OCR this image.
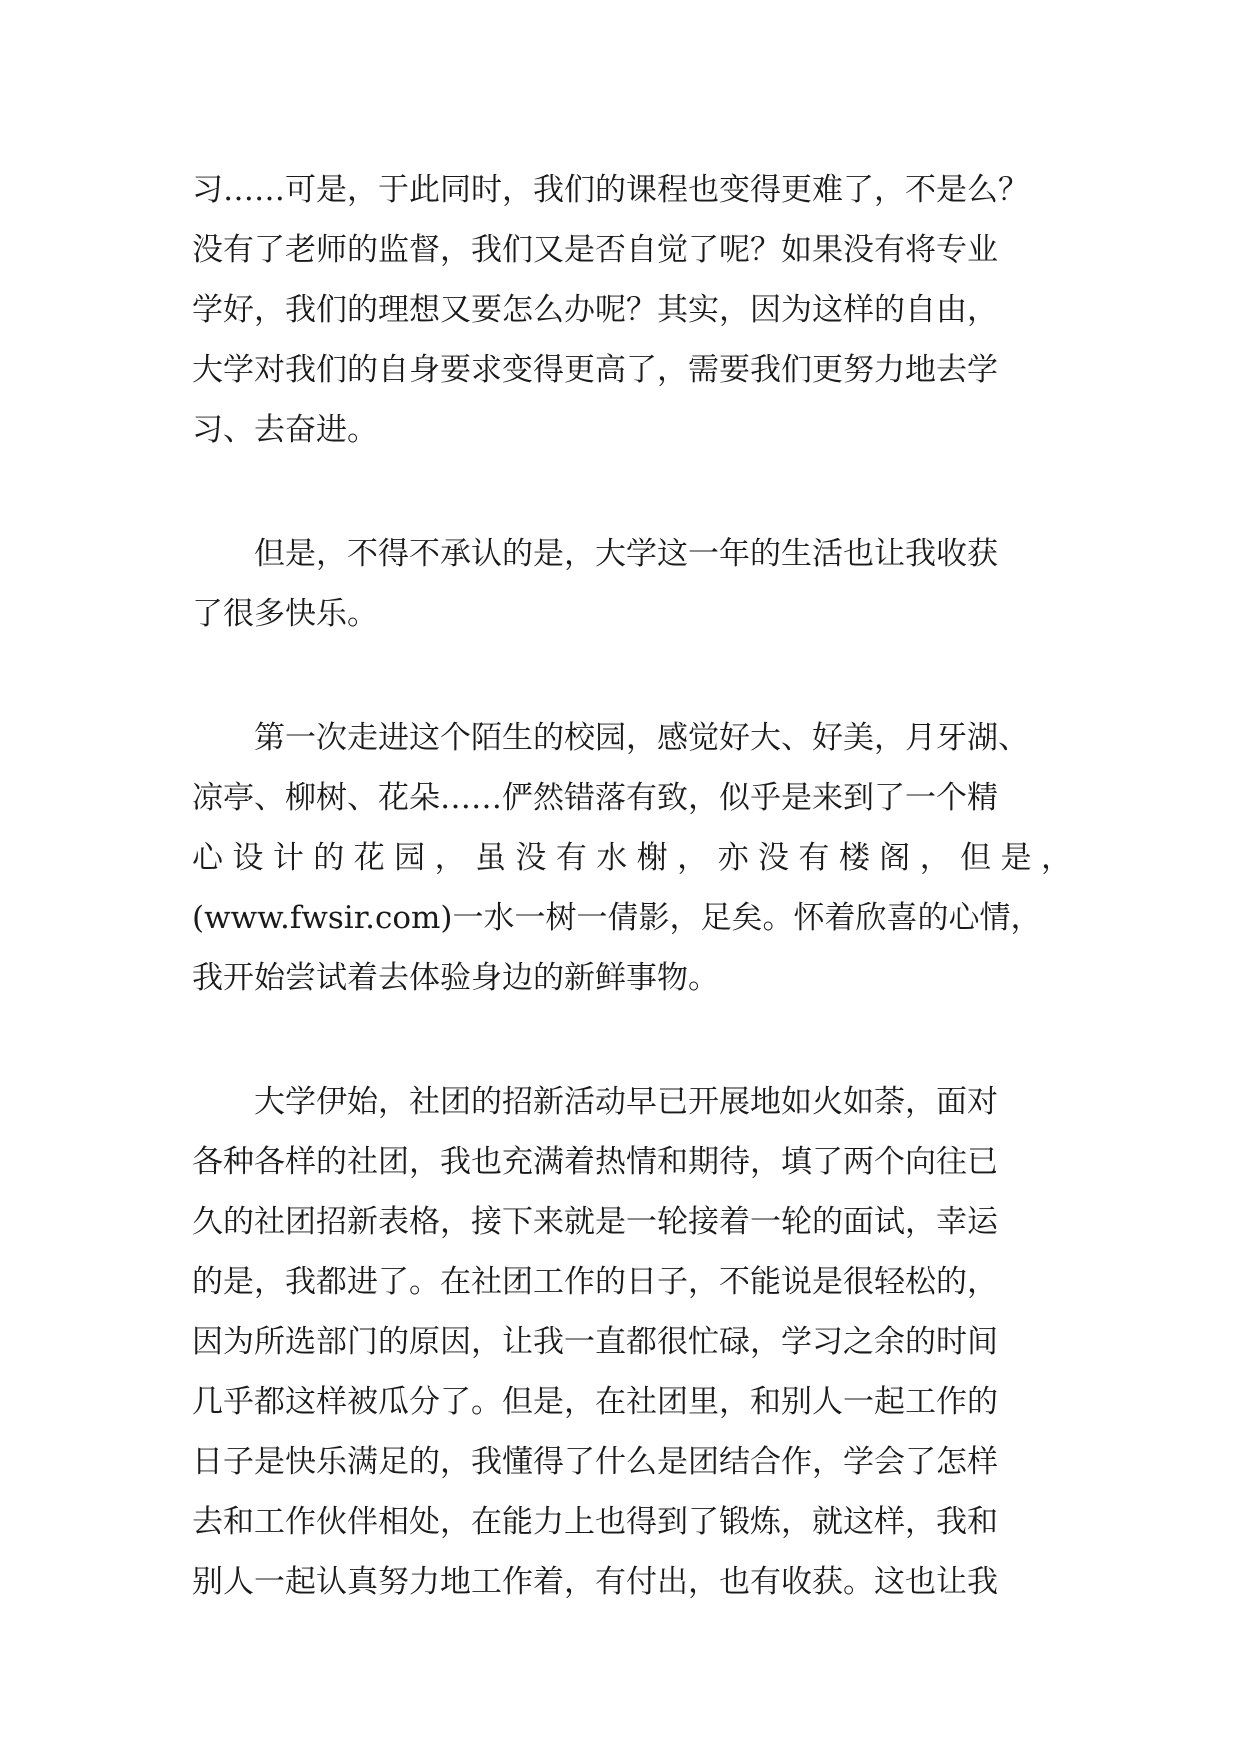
习……可是，于此同时，我们的课程也变得更难了，不是么？
没有了老师的监督，我们又是否自觉了呢？如果没有将专业
学好，我们的理想又要怎么办呢？其实，因为这样的自由，
大学对我们的自身要求变得更高了，需要我们更努力地去学
习、去奋进。
　　但是，不得不承认的是，大学这一年的生活也让我收获
了很多快乐。
　　第一次走进这个陌生的校园，感觉好大、好美，月牙湖、
凉亭、柳树、花朵……俨然错落有致，似乎是来到了一个精
心设计的花园，虽没有水榭，亦没有楼阁，但是，
(www.fwsir.com)一水一树一倩影，足矣。怀着欣喜的心情，
我开始尝试着去体验身边的新鲜事物。
　　大学伊始，社团的招新活动早已开展地如火如荼，面对
各种各样的社团，我也充满着热情和期待，填了两个向往已
久的社团招新表格，接下来就是一轮接着一轮的面试，幸运
的是，我都进了。在社团工作的日子，不能说是很轻松的，
因为所选部门的原因，让我一直都很忙碌，学习之余的时间
几乎都这样被瓜分了。但是，在社团里，和别人一起工作的
日子是快乐满足的，我懂得了什么是团结合作，学会了怎样
去和工作伙伴相处，在能力上也得到了锻炼，就这样，我和
别人一起认真努力地工作着，有付出，也有收获。这也让我
